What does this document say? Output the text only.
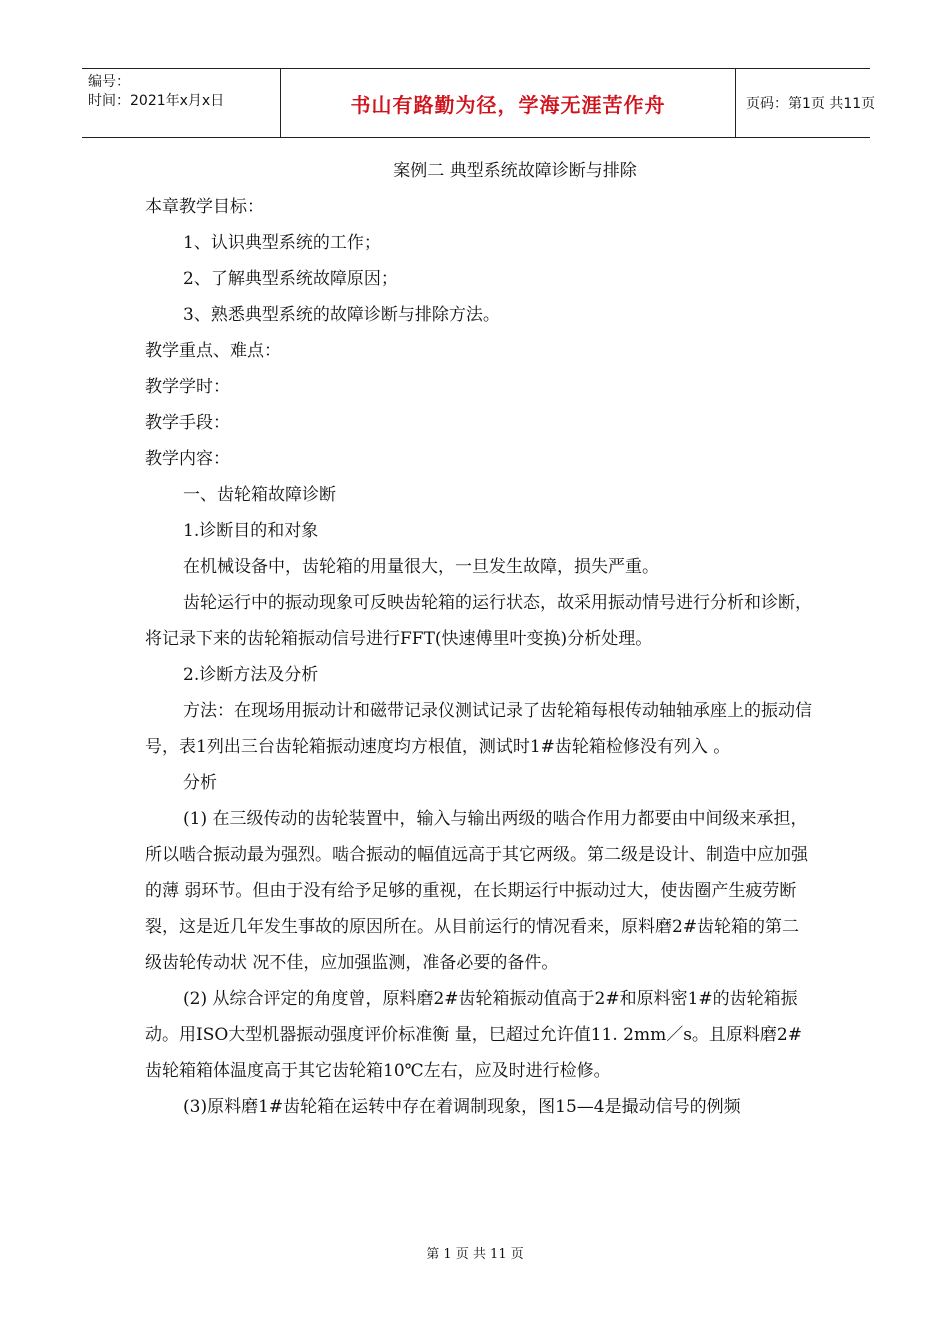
编号：
时间：2021年x月x日	书山有路勤为径，学海无涯苦作舟	页码：第1页 共11页
案例二 典型系统故障诊断与排除

本章教学目标：

1、认识典型系统的工作；

2、了解典型系统故障原因；

3、熟悉典型系统的故障诊断与排除方法。

教学重点、难点：

教学学时：

教学手段：

教学内容：

一、齿轮箱故障诊断

1.诊断目的和对象

在机械设备中，齿轮箱的用量很大，一旦发生故障，损失严重。

齿轮运行中的振动现象可反映齿轮箱的运行状态，故采用振动情号进行分析和诊断，将记录下来的齿轮箱振动信号进行FFT(快速傅里叶变换)分析处理。

2.诊断方法及分析

方法：在现场用振动计和磁带记录仪测试记录了齿轮箱每根传动轴轴承座上的振动信号，表1列出三台齿轮箱振动速度均方根值，测试时1#齿轮箱检修没有列入 。

分析

(1) 在三级传动的齿轮装置中，输入与输出两级的啮合作用力都要由中间级来承担，所以啮合振动最为强烈。啮合振动的幅值远高于其它两级。第二级是设计、制造中应加强的薄 弱环节。但由于没有给予足够的重视，在长期运行中振动过大，使齿圈产生疲劳断裂，这是近几年发生事故的原因所在。从目前运行的情况看来，原料磨2#齿轮箱的第二级齿轮传动状 况不佳，应加强监测，准备必要的备件。

(2) 从综合评定的角度曾，原料磨2#齿轮箱振动值高于2#和原料密1#的齿轮箱振动。用ISO大型机器振动强度评价标准衡 量，巳超过允许值11. 2mm／s。且原料磨2#齿轮箱箱体温度高于其它齿轮箱10℃左右，应及时进行检修。

(3)原料磨1#齿轮箱在运转中存在着调制现象，图15—4是撮动信号的例频

第 1 页 共 11 页
